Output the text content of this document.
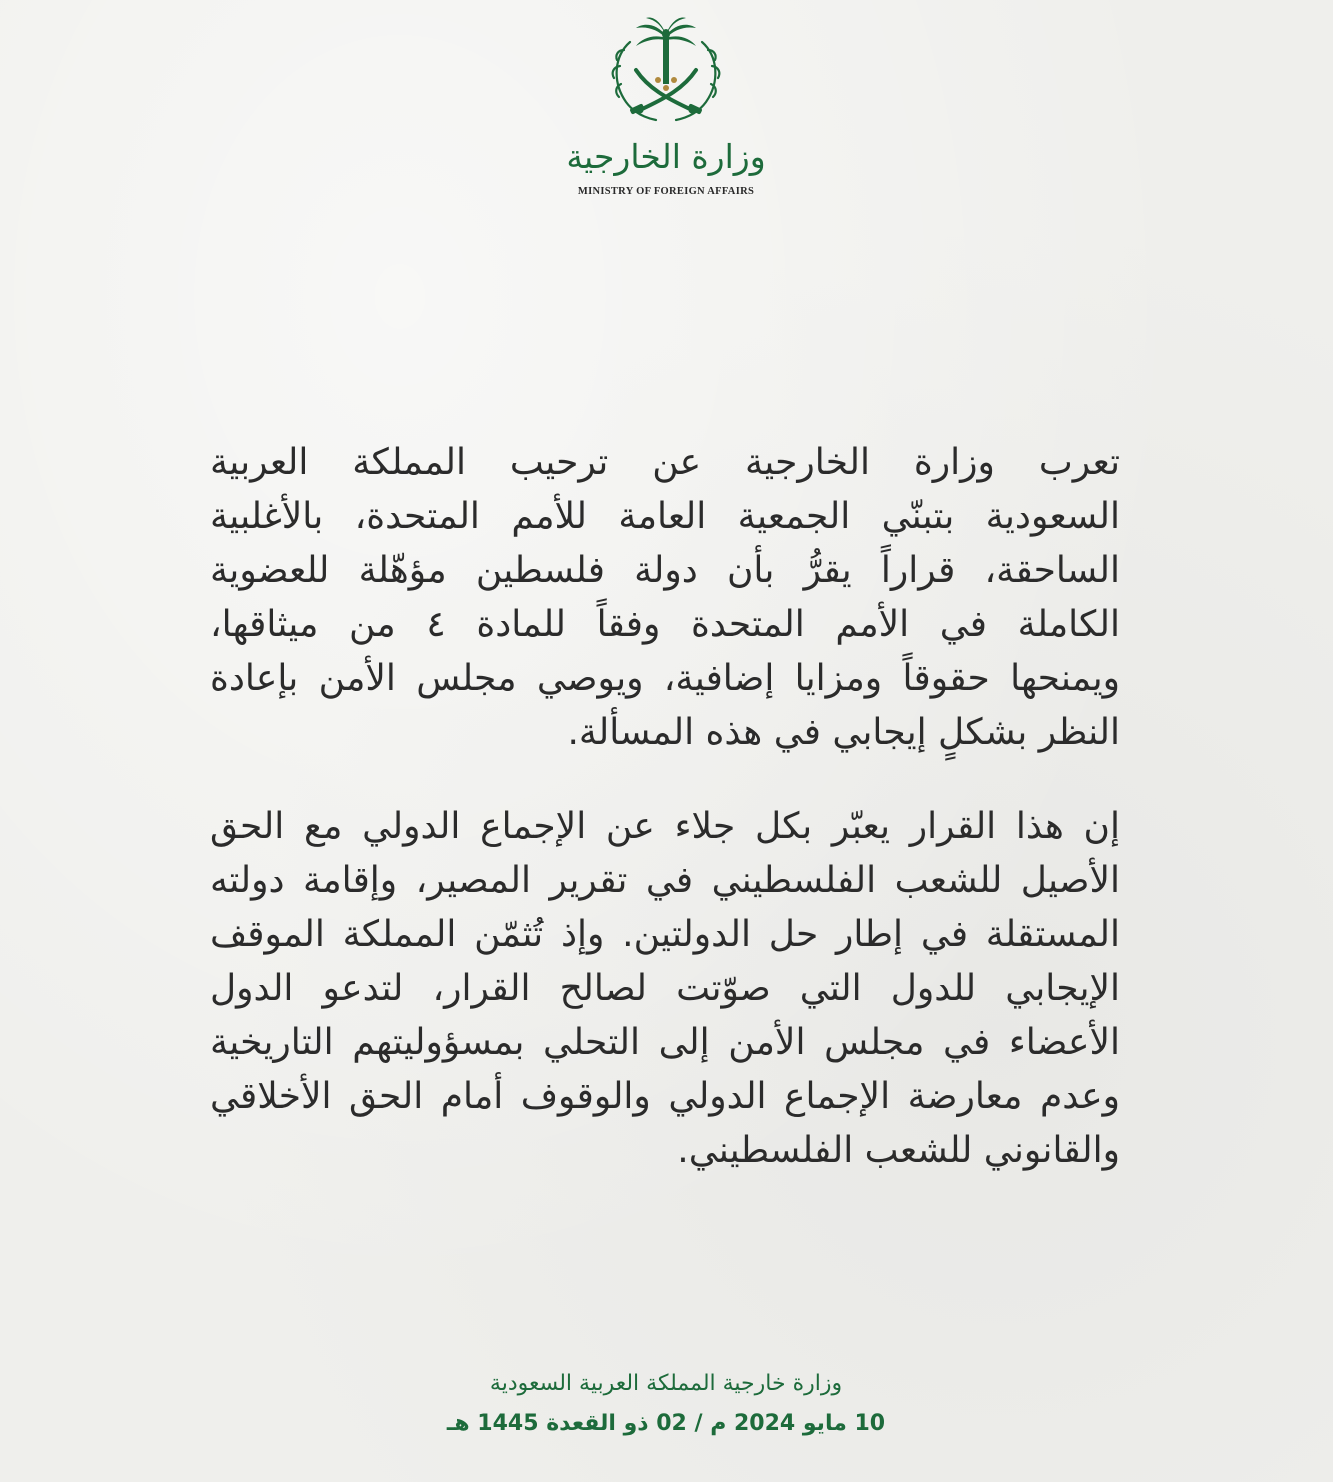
وزارة الخارجية
MINISTRY OF FOREIGN AFFAIRS
تعرب وزارة الخارجية عن ترحيب المملكة العربية
السعودية بتبنّي الجمعية العامة للأمم المتحدة، بالأغلبية
الساحقة، قراراً يقرُّ بأن دولة فلسطين مؤهّلة للعضوية
الكاملة في الأمم المتحدة وفقاً للمادة ٤ من ميثاقها،
ويمنحها حقوقاً ومزايا إضافية، ويوصي مجلس الأمن بإعادة
النظر بشكلٍ إيجابي في هذه المسألة.
إن هذا القرار يعبّر بكل جلاء عن الإجماع الدولي مع الحق
الأصيل للشعب الفلسطيني في تقرير المصير، وإقامة دولته
المستقلة في إطار حل الدولتين. وإذ تُثمّن المملكة الموقف
الإيجابي للدول التي صوّتت لصالح القرار، لتدعو الدول
الأعضاء في مجلس الأمن إلى التحلي بمسؤوليتهم التاريخية
وعدم معارضة الإجماع الدولي والوقوف أمام الحق الأخلاقي
والقانوني للشعب الفلسطيني.
وزارة خارجية المملكة العربية السعودية
10 مايو 2024 م / 02 ذو القعدة 1445 هـ
